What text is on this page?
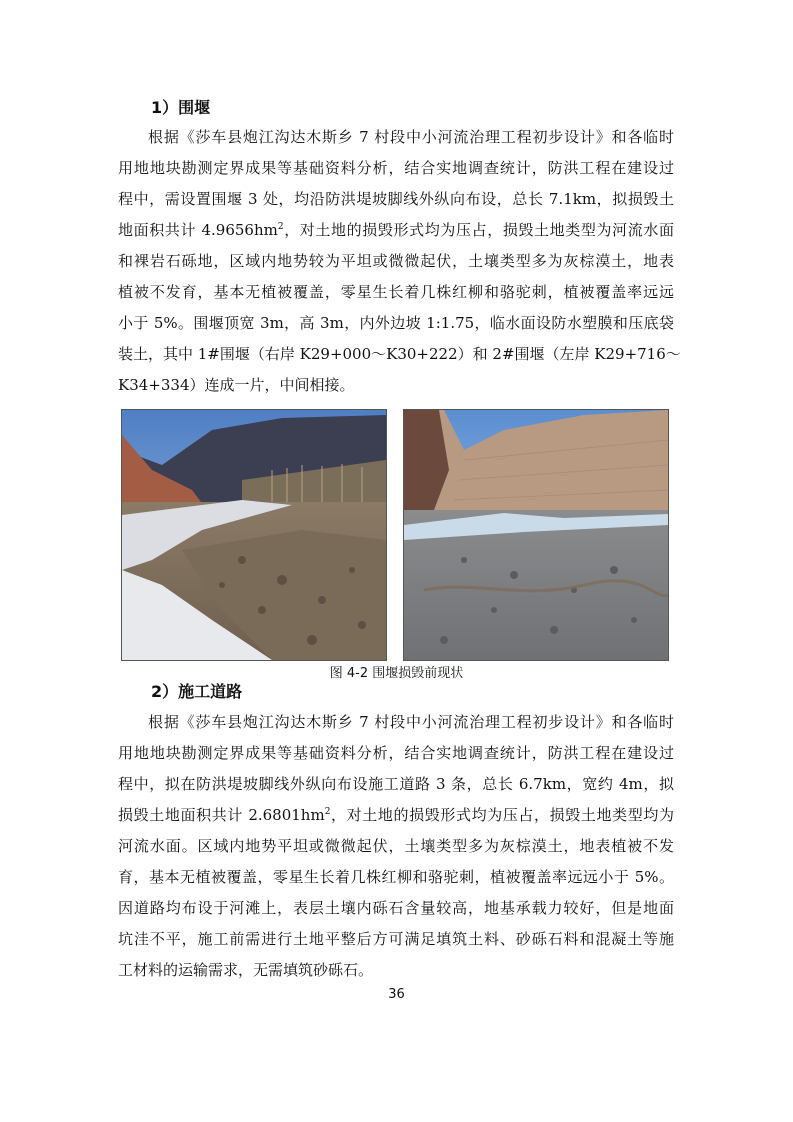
1）围堰
根据《莎车县炮江沟达木斯乡 7 村段中小河流治理工程初步设计》和各临时
用地地块勘测定界成果等基础资料分析，结合实地调查统计，防洪工程在建设过
程中，需设置围堰 3 处，均沿防洪堤坡脚线外纵向布设，总长 7.1km，拟损毁土
地面积共计 $4.9656hm^2$，对土地的损毁形式均为压占，损毁土地类型为河流水面
和裸岩石砾地，区域内地势较为平坦或微微起伏，土壤类型多为灰棕漠土，地表
植被不发育，基本无植被覆盖，零星生长着几株红柳和骆驼刺，植被覆盖率远远
小于 5%。围堰顶宽 3m，高 3m，内外边坡 1:1.75，临水面设防水塑膜和压底袋
装土，其中 1#围堰（右岸 K29+000～K30+222）和 2#围堰（左岸 K29+716～
K34+334）连成一片，中间相接。
图 4-2 围堰损毁前现状
2）施工道路
根据《莎车县炮江沟达木斯乡 7 村段中小河流治理工程初步设计》和各临时
用地地块勘测定界成果等基础资料分析，结合实地调查统计，防洪工程在建设过
程中，拟在防洪堤坡脚线外纵向布设施工道路 3 条，总长 6.7km，宽约 4m，拟
损毁土地面积共计 $2.6801hm^2$，对土地的损毁形式均为压占，损毁土地类型均为
河流水面。区域内地势平坦或微微起伏，土壤类型多为灰棕漠土，地表植被不发
育，基本无植被覆盖，零星生长着几株红柳和骆驼刺，植被覆盖率远远小于 5%。
因道路均布设于河滩上，表层土壤内砾石含量较高，地基承载力较好，但是地面
坑洼不平，施工前需进行土地平整后方可满足填筑土料、砂砾石料和混凝土等施
工材料的运输需求，无需填筑砂砾石。
36
